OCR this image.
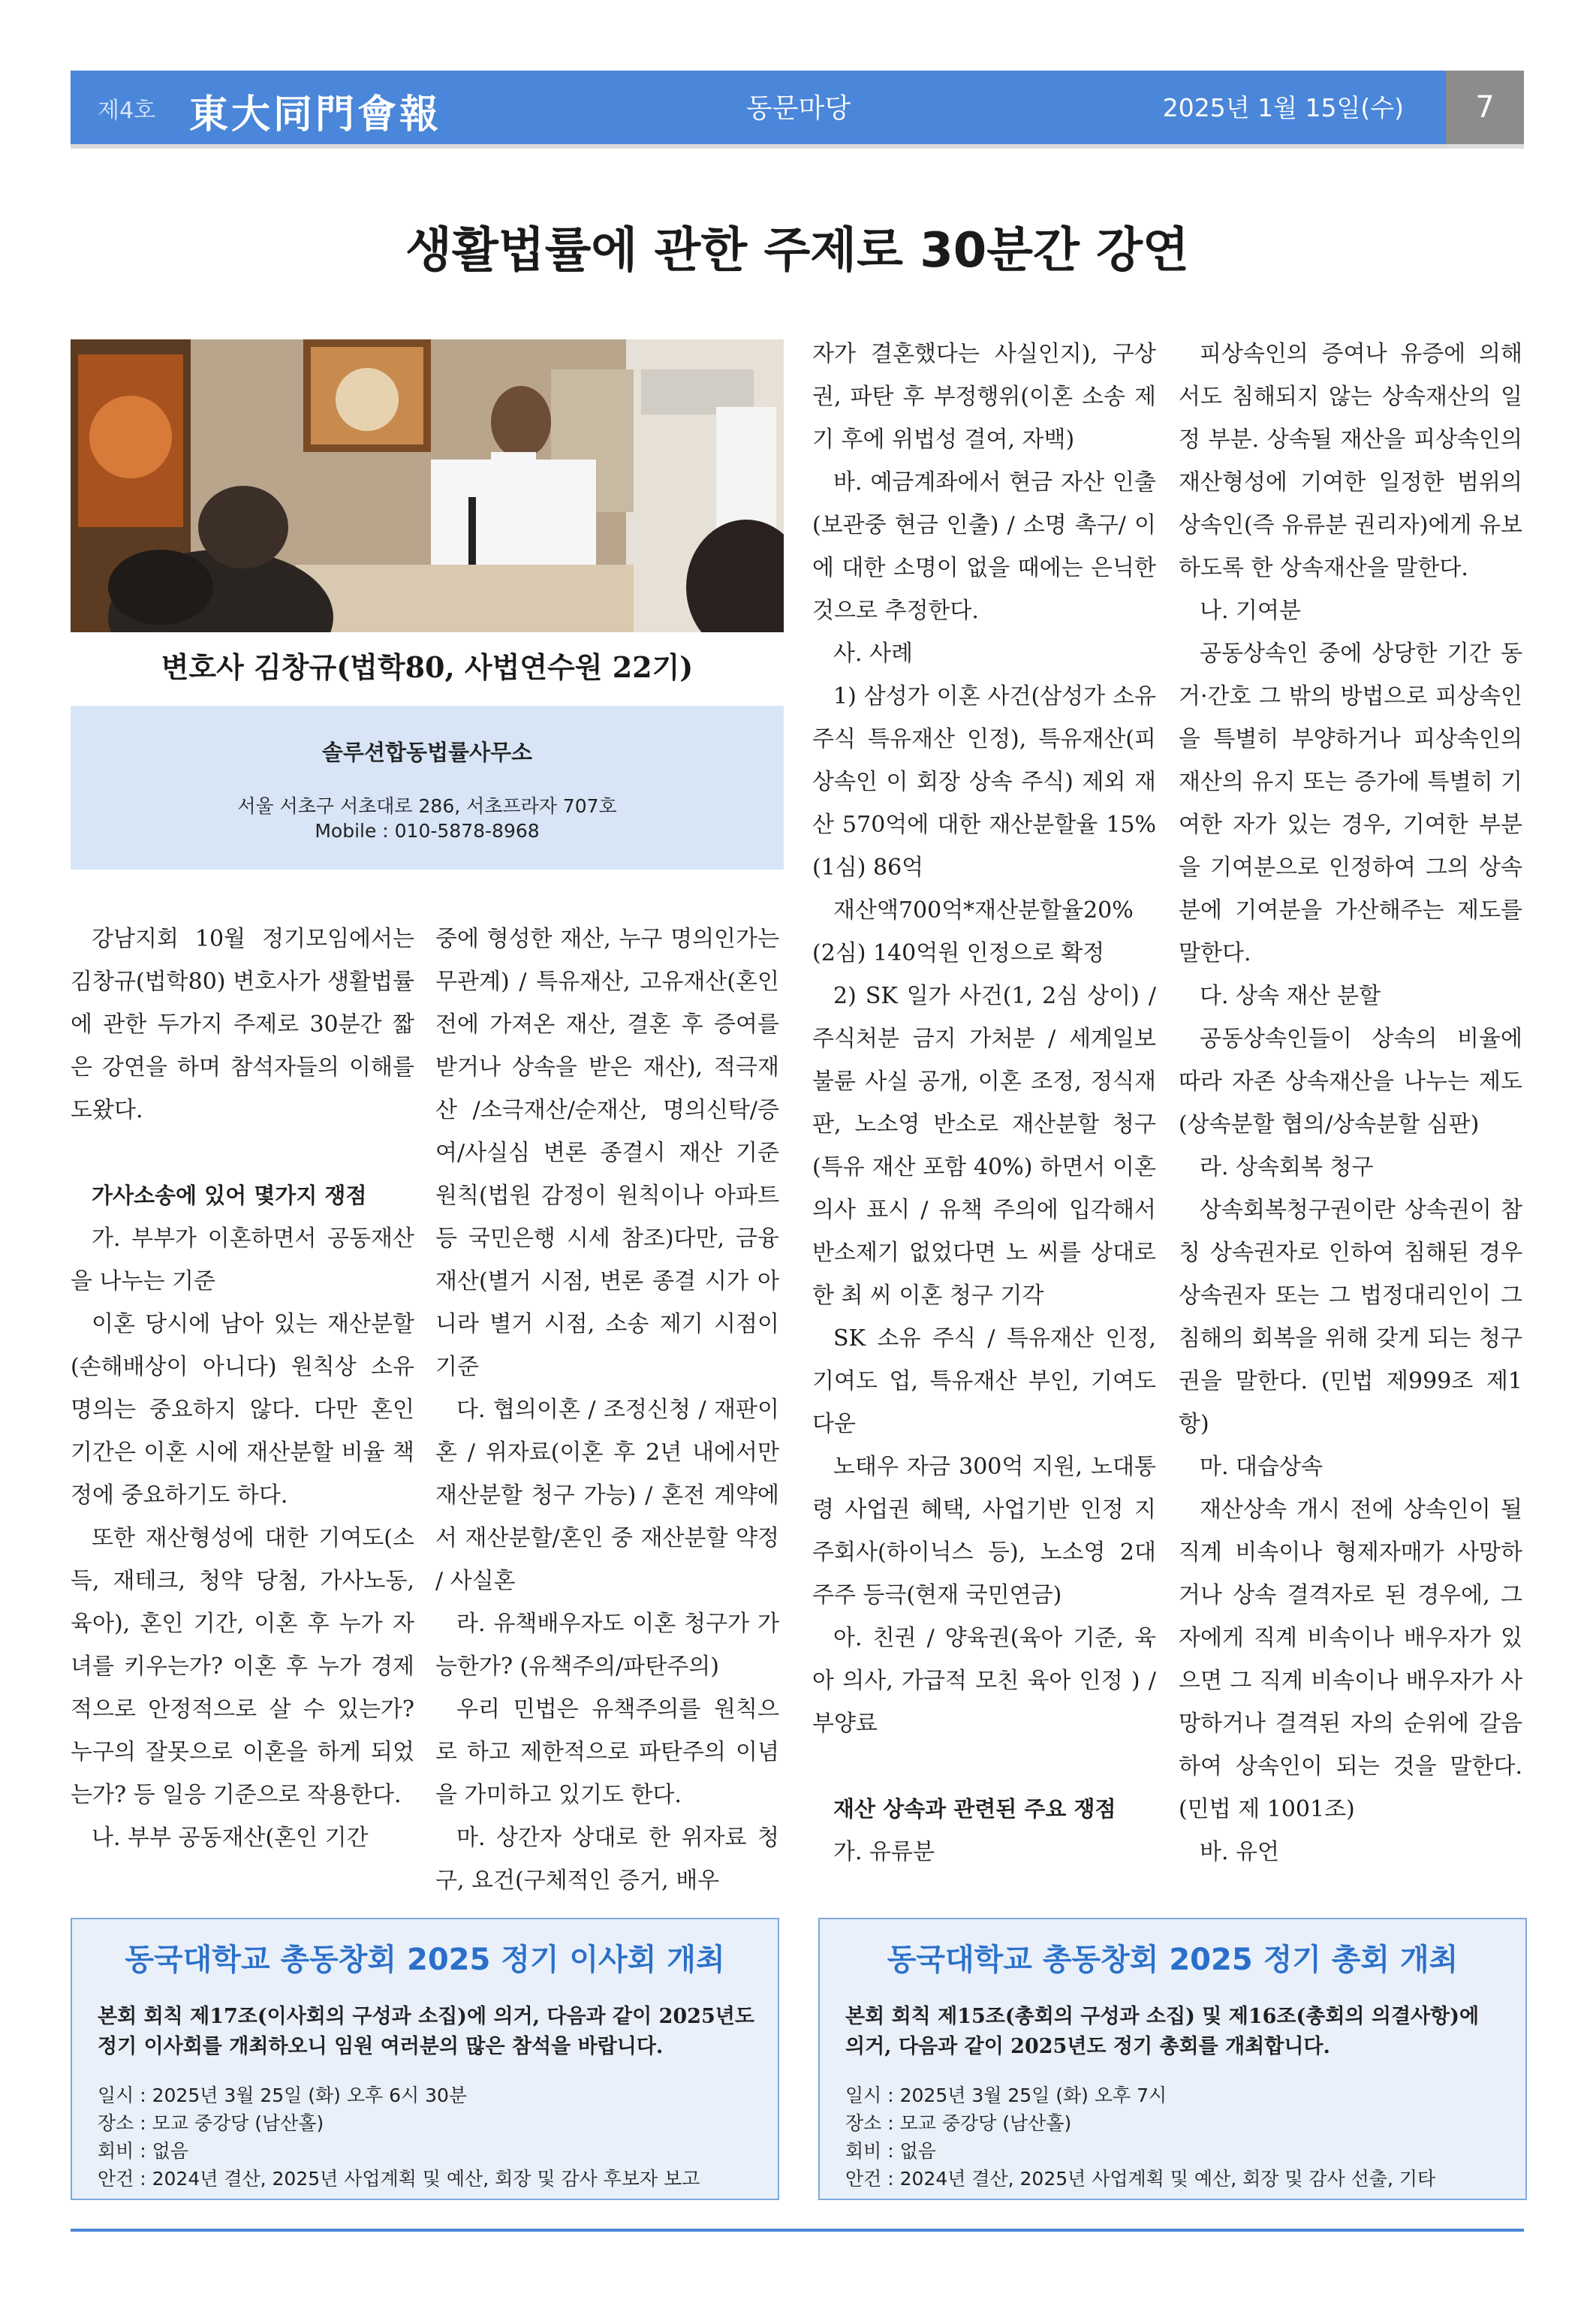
제4호 東大同門會報	동문마당	2025년 1월 15일(수)	7
생활법률에 관한 주제로 30분간 강연
변호사 김창규(법학80, 사법연수원 22기)
솔루션합동법률사무소
서울 서초구 서초대로 286, 서초프라자 707호
Mobile : 010-5878-8968

강남지회 10월 정기모임에서는 김창규(법학80) 변호사가 생활법률에 관한 두가지 주제로 30분간 짧은 강연을 하며 참석자들의 이해를 도왔다.

가사소송에 있어 몇가지 쟁점

가. 부부가 이혼하면서 공동재산을 나누는 기준

이혼 당시에 남아 있는 재산분할(손해배상이 아니다) 원칙상 소유 명의는 중요하지 않다. 다만 혼인 기간은 이혼 시에 재산분할 비율 책정에 중요하기도 하다.

또한 재산형성에 대한 기여도(소득, 재테크, 청약 당첨, 가사노동, 육아), 혼인 기간, 이혼 후 누가 자녀를 키우는가? 이혼 후 누가 경제적으로 안정적으로 살 수 있는가? 누구의 잘못으로 이혼을 하게 되었는가? 등 일응 기준으로 작용한다.

나. 부부 공동재산(혼인 기간

중에 형성한 재산, 누구 명의인가는 무관계) / 특유재산, 고유재산(혼인 전에 가져온 재산, 결혼 후 증여를 받거나 상속을 받은 재산), 적극재산 /소극재산/순재산, 명의신탁/증여/사실심 변론 종결시 재산 기준 원칙(법원 감정이 원칙이나 아파트 등 국민은행 시세 참조)다만, 금융재산(별거 시점, 변론 종결 시가 아니라 별거 시점, 소송 제기 시점이 기준

다. 협의이혼 / 조정신청 / 재판이혼 / 위자료(이혼 후 2년 내에서만 재산분할 청구 가능) / 혼전 계약에서 재산분할/혼인 중 재산분할 약정 / 사실혼

라. 유책배우자도 이혼 청구가 가능한가? (유책주의/파탄주의)

우리 민법은 유책주의를 원칙으로 하고 제한적으로 파탄주의 이념을 가미하고 있기도 한다.

마. 상간자 상대로 한 위자료 청구, 요건(구체적인 증거, 배우

자가 결혼했다는 사실인지), 구상권, 파탄 후 부정행위(이혼 소송 제기 후에 위법성 결여, 자백)

바. 예금계좌에서 현금 자산 인출(보관중 현금 인출) / 소명 촉구/ 이에 대한 소명이 없을 때에는 은닉한 것으로 추정한다.

사. 사례

1) 삼성가 이혼 사건(삼성가 소유 주식 특유재산 인정), 특유재산(피상속인 이 회장 상속 주식) 제외 재산 570억에 대한 재산분할율 15%(1심) 86억

재산액700억*재산분할율20%(2심) 140억원 인정으로 확정

2) SK 일가 사건(1, 2심 상이) / 주식처분 금지 가처분 / 세계일보 불륜 사실 공개, 이혼 조정, 정식재판, 노소영 반소로 재산분할 청구(특유 재산 포함 40%) 하면서 이혼 의사 표시 / 유책 주의에 입각해서 반소제기 없었다면 노 씨를 상대로 한 최 씨 이혼 청구 기각

SK 소유 주식 / 특유재산 인정, 기여도 업, 특유재산 부인, 기여도 다운

노태우 자금 300억 지원, 노대통령 사업권 혜택, 사업기반 인정 지주회사(하이닉스 등), 노소영 2대 주주 등극(현재 국민연금)

아. 친권 / 양육권(육아 기준, 육아 의사, 가급적 모친 육아 인정 ) / 부양료

재산 상속과 관련된 주요 쟁점

가. 유류분

피상속인의 증여나 유증에 의해서도 침해되지 않는 상속재산의 일정 부분. 상속될 재산을 피상속인의 재산형성에 기여한 일정한 범위의 상속인(즉 유류분 권리자)에게 유보하도록 한 상속재산을 말한다.

나. 기여분

공동상속인 중에 상당한 기간 동거·간호 그 밖의 방법으로 피상속인을 특별히 부양하거나 피상속인의 재산의 유지 또는 증가에 특별히 기여한 자가 있는 경우, 기여한 부분을 기여분으로 인정하여 그의 상속분에 기여분을 가산해주는 제도를 말한다.

다. 상속 재산 분할

공동상속인들이 상속의 비율에 따라 자존 상속재산을 나누는 제도 (상속분할 협의/상속분할 심판)

라. 상속회복 청구

상속회복청구권이란 상속권이 참칭 상속권자로 인하여 침해된 경우 상속권자 또는 그 법정대리인이 그 침해의 회복을 위해 갖게 되는 청구권을 말한다. (민법 제999조 제1항)

마. 대습상속

재산상속 개시 전에 상속인이 될 직계 비속이나 형제자매가 사망하거나 상속 결격자로 된 경우에, 그 자에게 직계 비속이나 배우자가 있으면 그 직계 비속이나 배우자가 사망하거나 결격된 자의 순위에 갈음하여 상속인이 되는 것을 말한다. (민법 제 1001조)

바. 유언

동국대학교 총동창회 2025 정기 이사회 개최
본회 회칙 제17조(이사회의 구성과 소집)에 의거, 다음과 같이 2025년도 정기 이사회를 개최하오니 임원 여러분의 많은 참석을 바랍니다.
일시 : 2025년 3월 25일 (화) 오후 6시 30분
장소 : 모교 중강당 (남산홀)
회비 : 없음
안건 : 2024년 결산, 2025년 사업계획 및 예산, 회장 및 감사 후보자 보고
동국대학교 총동창회 2025 정기 총회 개최
본회 회칙 제15조(총회의 구성과 소집) 및 제16조(총회의 의결사항)에 의거, 다음과 같이 2025년도 정기 총회를 개최합니다.
일시 : 2025년 3월 25일 (화) 오후 7시
장소 : 모교 중강당 (남산홀)
회비 : 없음
안건 : 2024년 결산, 2025년 사업계획 및 예산, 회장 및 감사 선출, 기타
